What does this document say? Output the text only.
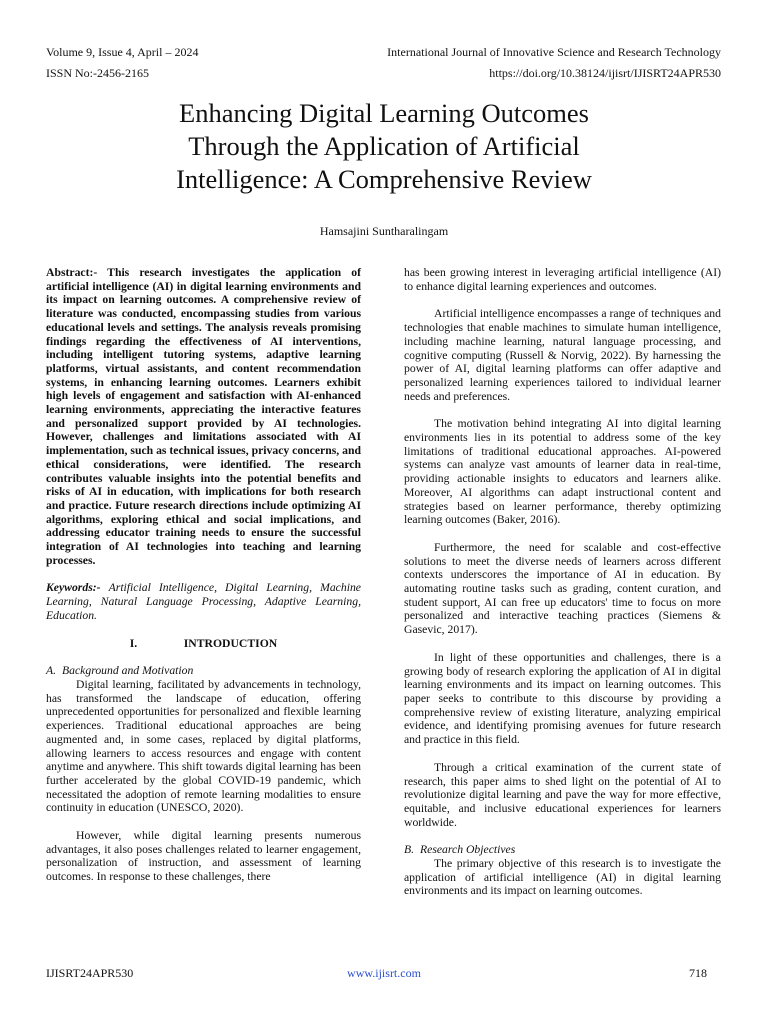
Volume 9, Issue 4, April – 2024
ISSN No:-2456-2165
International Journal of Innovative Science and Research Technology
https://doi.org/10.38124/ijisrt/IJISRT24APR530
Enhancing Digital Learning Outcomes
Through the Application of Artificial
Intelligence: A Comprehensive Review
Hamsajini Suntharalingam

Abstract:- This research investigates the application of artificial intelligence (AI) in digital learning environments and its impact on learning outcomes. A comprehensive review of literature was conducted, encompassing studies from various educational levels and settings. The analysis reveals promising findings regarding the effectiveness of AI interventions, including intelligent tutoring systems, adaptive learning platforms, virtual assistants, and content recommendation systems, in enhancing learning outcomes. Learners exhibit high levels of engagement and satisfaction with AI-enhanced learning environments, appreciating the interactive features and personalized support provided by AI technologies. However, challenges and limitations associated with AI implementation, such as technical issues, privacy concerns, and ethical considerations, were identified. The research contributes valuable insights into the potential benefits and risks of AI in education, with implications for both research and practice. Future research directions include optimizing AI algorithms, exploring ethical and social implications, and addressing educator training needs to ensure the successful integration of AI technologies into teaching and learning processes.

Keywords:- Artificial Intelligence, Digital Learning, Machine Learning, Natural Language Processing, Adaptive Learning, Education.

I.	INTRODUCTION
A. Background and Motivation

Digital learning, facilitated by advancements in technology, has transformed the landscape of education, offering unprecedented opportunities for personalized and flexible learning experiences. Traditional educational approaches are being augmented and, in some cases, replaced by digital platforms, allowing learners to access resources and engage with content anytime and anywhere. This shift towards digital learning has been further accelerated by the global COVID-19 pandemic, which necessitated the adoption of remote learning modalities to ensure continuity in education (UNESCO, 2020).

However, while digital learning presents numerous advantages, it also poses challenges related to learner engagement, personalization of instruction, and assessment of learning outcomes. In response to these challenges, there

has been growing interest in leveraging artificial intelligence (AI) to enhance digital learning experiences and outcomes.

Artificial intelligence encompasses a range of techniques and technologies that enable machines to simulate human intelligence, including machine learning, natural language processing, and cognitive computing (Russell & Norvig, 2022). By harnessing the power of AI, digital learning platforms can offer adaptive and personalized learning experiences tailored to individual learner needs and preferences.

The motivation behind integrating AI into digital learning environments lies in its potential to address some of the key limitations of traditional educational approaches. AI-powered systems can analyze vast amounts of learner data in real-time, providing actionable insights to educators and learners alike. Moreover, AI algorithms can adapt instructional content and strategies based on learner performance, thereby optimizing learning outcomes (Baker, 2016).

Furthermore, the need for scalable and cost-effective solutions to meet the diverse needs of learners across different contexts underscores the importance of AI in education. By automating routine tasks such as grading, content curation, and student support, AI can free up educators' time to focus on more personalized and interactive teaching practices (Siemens & Gasevic, 2017).

In light of these opportunities and challenges, there is a growing body of research exploring the application of AI in digital learning environments and its impact on learning outcomes. This paper seeks to contribute to this discourse by providing a comprehensive review of existing literature, analyzing empirical evidence, and identifying promising avenues for future research and practice in this field.

Through a critical examination of the current state of research, this paper aims to shed light on the potential of AI to revolutionize digital learning and pave the way for more effective, equitable, and inclusive educational experiences for learners worldwide.

B. Research Objectives

The primary objective of this research is to investigate the application of artificial intelligence (AI) in digital learning environments and its impact on learning outcomes.

IJISRT24APR530	www.ijisrt.com	718
